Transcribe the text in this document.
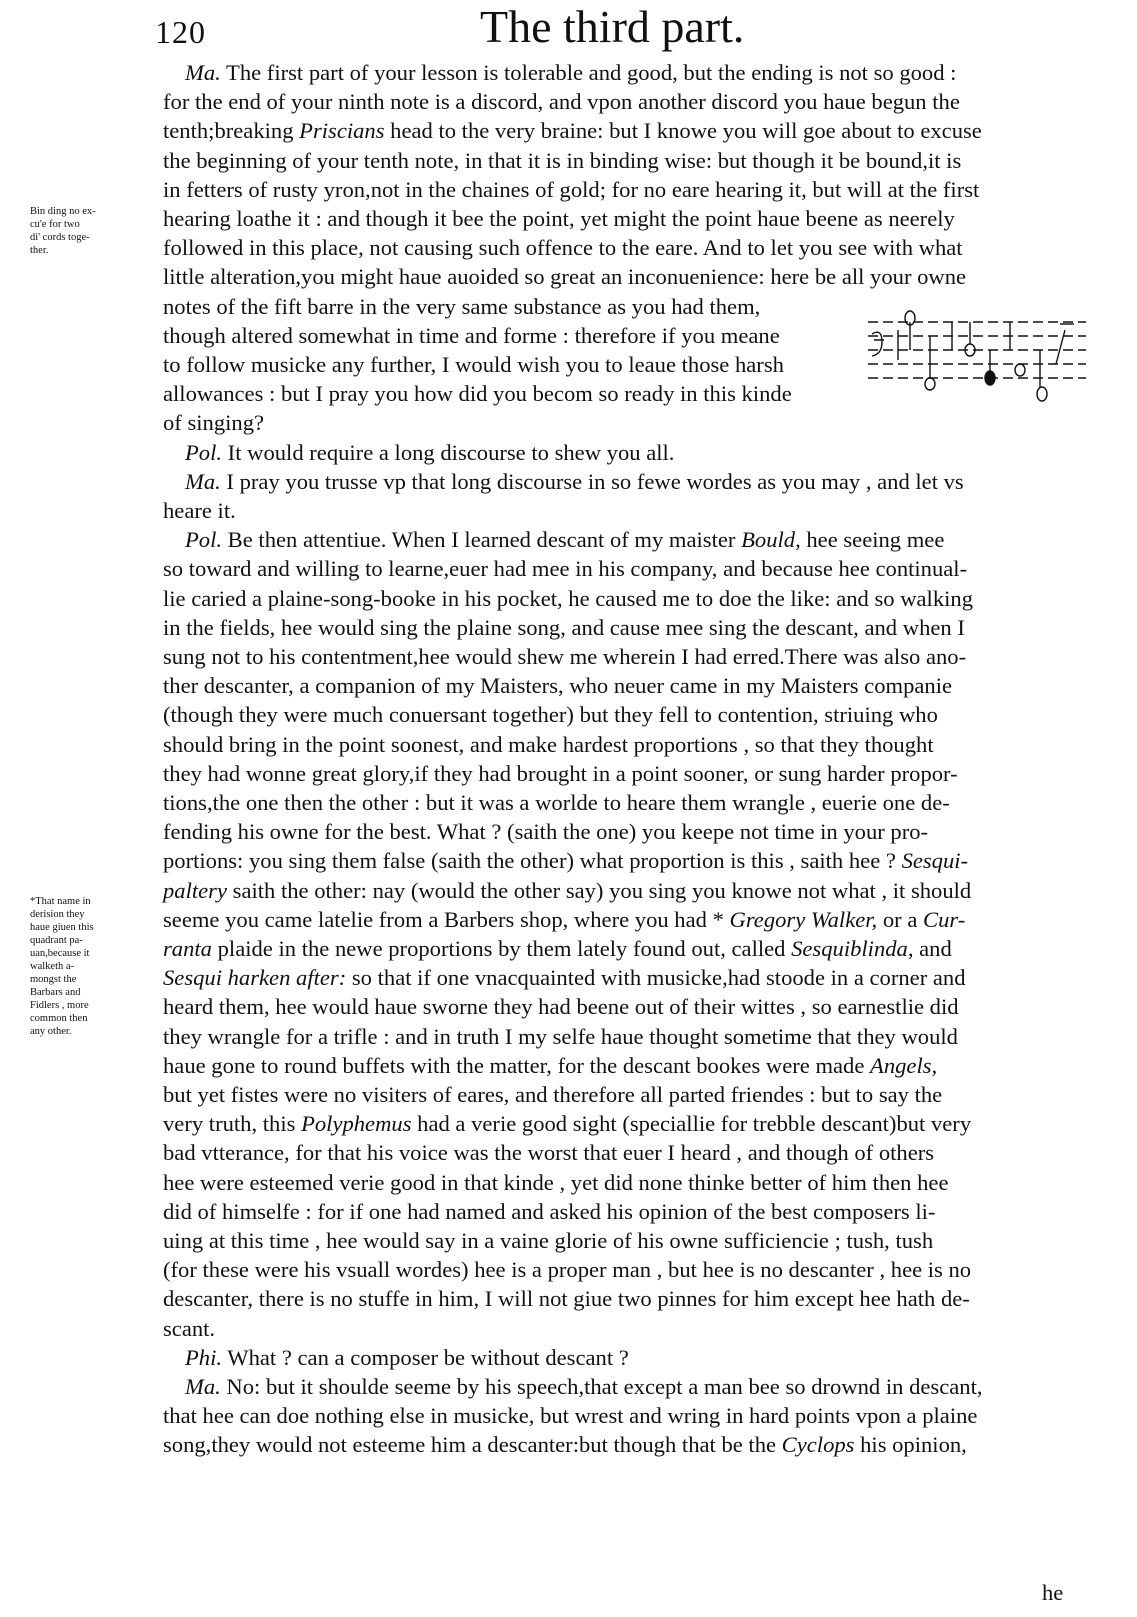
120	The third part.
Ma. The first part of your lesson is tolerable and good, but the ending is not so good :
for the end of your ninth note is a discord, and vpon another discord you haue begun the
tenth;breaking Priscians head to the very braine: but I knowe you will goe about to excuse
the beginning of your tenth note, in that it is in binding wise: but though it be bound,it is
in fetters of rusty yron,not in the chaines of gold; for no eare hearing it, but will at the first
hearing loathe it : and though it bee the point, yet might the point haue beene as neerely
followed in this place, not causing such offence to the eare. And to let you see with what
little alteration,you might haue auoided so great an inconuenience: here be all your owne
notes of the fift barre in the very same substance as you had them,
though altered somewhat in time and forme : therefore if you meane
to follow musicke any further, I would wish you to leaue those harsh
allowances : but I pray you how did you becom so ready in this kinde
of singing?
Pol. It would require a long discourse to shew you all.
Ma. I pray you trusse vp that long discourse in so fewe wordes as you may , and let vs
heare it.
Pol. Be then attentiue. When I learned descant of my maister Bould, hee seeing mee
so toward and willing to learne,euer had mee in his company, and because hee continual-
lie caried a plaine-song-booke in his pocket, he caused me to doe the like: and so walking
in the fields, hee would sing the plaine song, and cause mee sing the descant, and when I
sung not to his contentment,hee would shew me wherein I had erred.There was also ano-
ther descanter, a companion of my Maisters, who neuer came in my Maisters companie
(though they were much conuersant together) but they fell to contention, striuing who
should bring in the point soonest, and make hardest proportions , so that they thought
they had wonne great glory,if they had brought in a point sooner, or sung harder propor-
tions,the one then the other : but it was a worlde to heare them wrangle , euerie one de-
fending his owne for the best. What ? (saith the one) you keepe not time in your pro-
portions: you sing them false (saith the other) what proportion is this , saith hee ? Sesqui-
paltery saith the other: nay (would the other say) you sing you knowe not what , it should
seeme you came latelie from a Barbers shop, where you had * Gregory Walker, or a Cur-
ranta plaide in the newe proportions by them lately found out, called Sesquiblinda, and
Sesqui harken after: so that if one vnacquainted with musicke,had stoode in a corner and
heard them, hee would haue sworne they had beene out of their wittes , so earnestlie did
they wrangle for a trifle : and in truth I my selfe haue thought sometime that they would
haue gone to round buffets with the matter, for the descant bookes were made Angels,
but yet fistes were no visiters of eares, and therefore all parted friendes : but to say the
very truth, this Polyphemus had a verie good sight (speciallie for trebble descant)but very
bad vtterance, for that his voice was the worst that euer I heard , and though of others
hee were esteemed verie good in that kinde , yet did none thinke better of him then hee
did of himselfe : for if one had named and asked his opinion of the best composers li-
uing at this time , hee would say in a vaine glorie of his owne sufficiencie ; tush, tush
(for these were his vsuall wordes) hee is a proper man , but hee is no descanter , hee is no
descanter, there is no stuffe in him, I will not giue two pinnes for him except hee hath de-
scant.
Phi. What ? can a composer be without descant ?
Ma. No: but it shoulde seeme by his speech,that except a man bee so drownd in descant,
that hee can doe nothing else in musicke, but wrest and wring in hard points vpon a plaine
song,they would not esteeme him a descanter:but though that be the Cyclops his opinion,
Bin ding no ex-
cu'e for two
di' cords toge-
ther.
*That name in
derision they
haue giuen this
quadrant pa-
uan,because it
walketh a-
mongst the
Barbars and
Fidlers , more
common then
any other.
he
